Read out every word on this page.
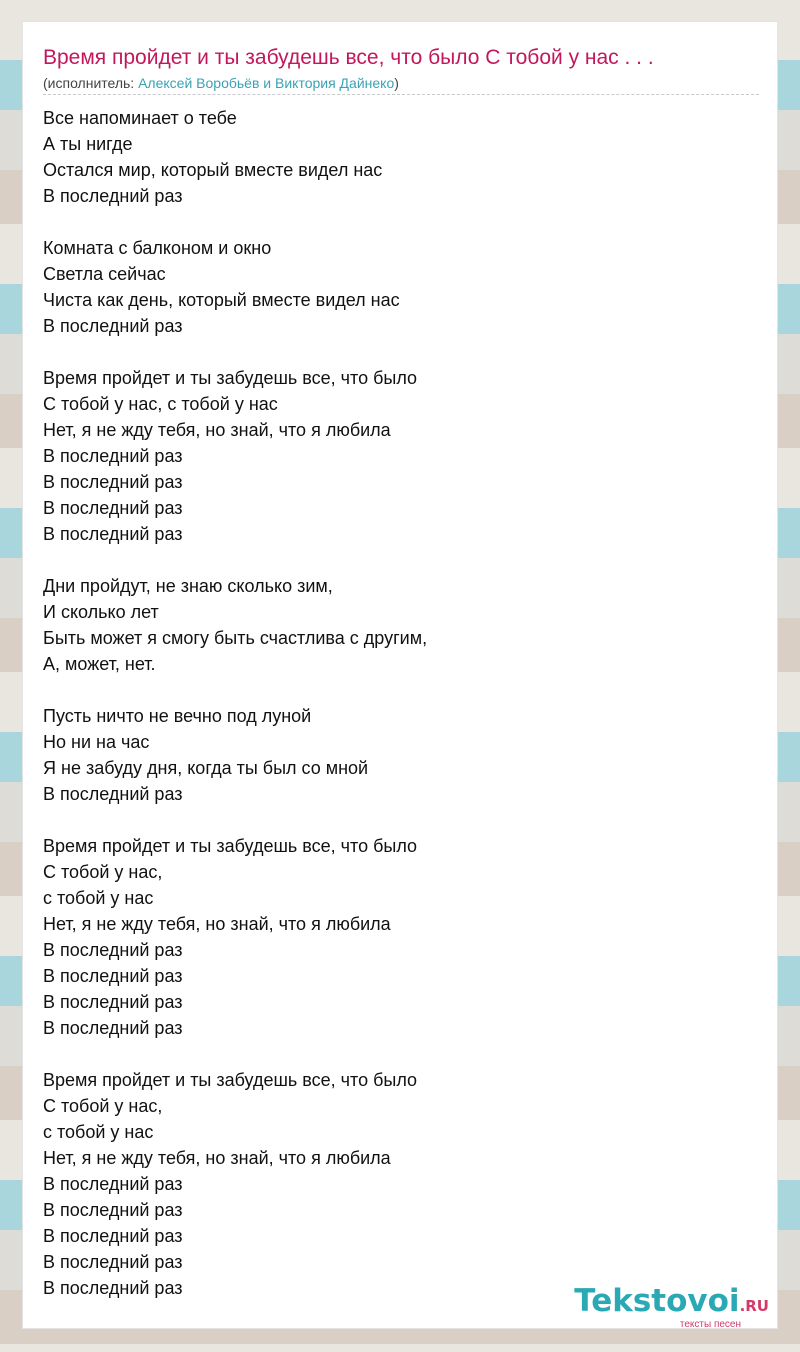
Время пройдет и ты забудешь все, что было С тобой у нас . . .
(исполнитель: Алексей Воробьёв и Виктория Дайнеко)
Все напоминает о тебе
А ты нигде
Остался мир, который вместе видел нас
В последний раз
Комната с балконом и окно
Светла сейчас
Чиста как день, который вместе видел нас
В последний раз
Время пройдет и ты забудешь все, что было
С тобой у нас, с тобой у нас
Нет, я не жду тебя, но знай, что я любила
В последний раз
В последний раз
В последний раз
В последний раз
Дни пройдут, не знаю сколько зим,
И сколько лет
Быть может я смогу быть счастлива с другим,
А, может, нет.
Пусть ничто не вечно под луной
Но ни на час
Я не забуду дня, когда ты был со мной
В последний раз
Время пройдет и ты забудешь все, что было
С тобой у нас,
с тобой у нас
Нет, я не жду тебя, но знай, что я любила
В последний раз
В последний раз
В последний раз
В последний раз
Время пройдет и ты забудешь все, что было
С тобой у нас,
с тобой у нас
Нет, я не жду тебя, но знай, что я любила
В последний раз
В последний раз
В последний раз
В последний раз
В последний раз	Tekstovoi.RU
тексты песен
